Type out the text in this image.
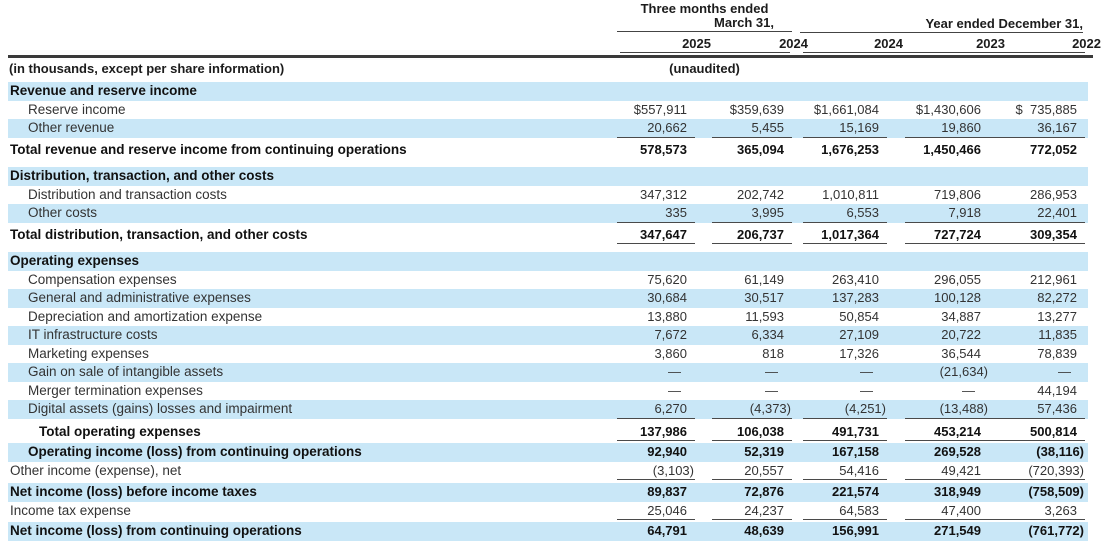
Three months ended
March 31,	Year ended December 31,
2025	2024	2024	2023	2022
(in thousands, except per share information)	(unaudited)
Revenue and reserve income
Reserve income	$557,911	$359,639	$1,661,084	$1,430,606	$  735,885
Other revenue	20,662	5,455	15,169	19,860	36,167
Total revenue and reserve income from continuing operations	578,573	365,094	1,676,253	1,450,466	772,052
Distribution, transaction, and other costs
Distribution and transaction costs	347,312	202,742	1,010,811	719,806	286,953
Other costs	335	3,995	6,553	7,918	22,401
Total distribution, transaction, and other costs	347,647	206,737	1,017,364	727,724	309,354
Operating expenses
Compensation expenses	75,620	61,149	263,410	296,055	212,961
General and administrative expenses	30,684	30,517	137,283	100,128	82,272
Depreciation and amortization expense	13,880	11,593	50,854	34,887	13,277
IT infrastructure costs	7,672	6,334	27,109	20,722	11,835
Marketing expenses	3,860	818	17,326	36,544	78,839
Gain on sale of intangible assets	—	—	—	(21,634)	—
Merger termination expenses	—	—	—	—	44,194
Digital assets (gains) losses and impairment	6,270	(4,373)	(4,251)	(13,488)	57,436
Total operating expenses	137,986	106,038	491,731	453,214	500,814
Operating income (loss) from continuing operations	92,940	52,319	167,158	269,528	(38,116)
Other income (expense), net	(3,103)	20,557	54,416	49,421	(720,393)
Net income (loss) before income taxes	89,837	72,876	221,574	318,949	(758,509)
Income tax expense	25,046	24,237	64,583	47,400	3,263
Net income (loss) from continuing operations	64,791	48,639	156,991	271,549	(761,772)
